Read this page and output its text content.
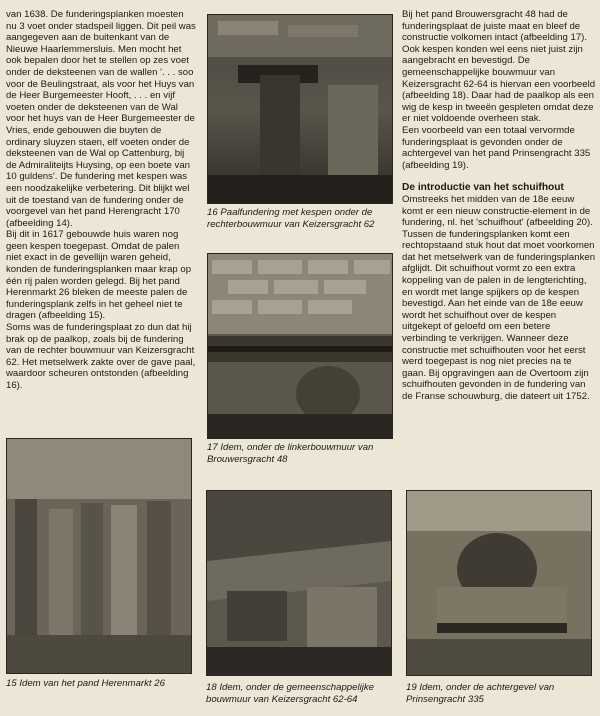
van 1638. De funderingsplanken moesten nu 3 voet onder stadspeil liggen. Dit peil was aangegeven aan de buitenkant van de Nieuwe Haarlemmersluis. Men mocht het ook bepalen door het te stellen op zes voet onder de deksteenen van de wallen '. . . soo voor de Beulingstraat, als voor het Huys van de Heer Burgemeester Hooft, . . . en vijf voeten onder de deksteenen van de Wal voor het huys van de Heer Burgemeester de Vries, ende gebouwen die buyten de ordinary sluyzen staen, elf voeten onder de deksteenen van de Wal op Cattenburg, bij de Admiraliteijts Huysing, op een boete van 10 guldens'. De fundering met kespen was een noodzakelijke verbetering. Dit blijkt wel uit de toestand van de fundering onder de voorgevel van het pand Herengracht 170 (afbeelding 14).

Bij dit in 1617 gebouwde huis waren nog geen kespen toegepast. Omdat de palen niet exact in de gevellijn waren geheid, konden de funderingsplanken maar krap op één rij palen worden gelegd. Bij het pand Herenmarkt 26 bleken de meeste palen de funderingsplank zelfs in het geheel niet te dragen (afbeelding 15).

Soms was de funderingsplaat zo dun dat hij brak op de paalkop, zoals bij de fundering van de rechter bouwmuur van Keizersgracht 62. Het metselwerk zakte over de gave paal, waardoor scheuren ontstonden (afbeelding 16).

Bij het pand Brouwersgracht 48 had de funderingsplaat de juiste maat en bleef de constructie volkomen intact (afbeelding 17). Ook kespen konden wel eens niet juist zijn aangebracht en bevestigd. De gemeenschappelijke bouwmuur van Keizersgracht 62-64 is hiervan een voorbeeld (afbeelding 18). Daar had de paalkop als een wig de kesp in tweeën gespleten omdat deze er niet voldoende overheen stak.

Een voorbeeld van een totaal vervormde funderingsplaat is gevonden onder de achtergevel van het pand Prinsengracht 335 (afbeelding 19).

De introductie van het schuifhout

Omstreeks het midden van de 18e eeuw komt er een nieuw constructie-element in de fundering, nl. het 'schuifhout' (afbeelding 20).

Tussen de funderingsplanken komt een rechtopstaand stuk hout dat moet voorkomen dat het metselwerk van de funderingsplanken afglijdt. Dit schuifhout vormt zo een extra koppeling van de palen in de lengterichting, en wordt met lange spijkers op de kespen bevestigd. Aan het einde van de 18e eeuw wordt het schuifhout over de kespen uitgekept of geloefd om een betere verbinding te verkrijgen. Wanneer deze constructie met schuifhouten voor het eerst werd toegepast is nog niet precies na te gaan. Bij opgravingen aan de Overtoom zijn schuifhouten gevonden in de fundering van de Franse schouwburg, die dateert uit 1752.

16 Paalfundering met kespen onder de
rechterbouwmuur van Keizersgracht 62
17 Idem, onder de linkerbouwmuur van
Brouwersgracht 48
15 Idem van het pand Herenmarkt 26	18 Idem, onder de gemeenschappelijke
bouwmuur van Keizersgracht 62-64
19 Idem, onder de achtergevel van
Prinsengracht 335
